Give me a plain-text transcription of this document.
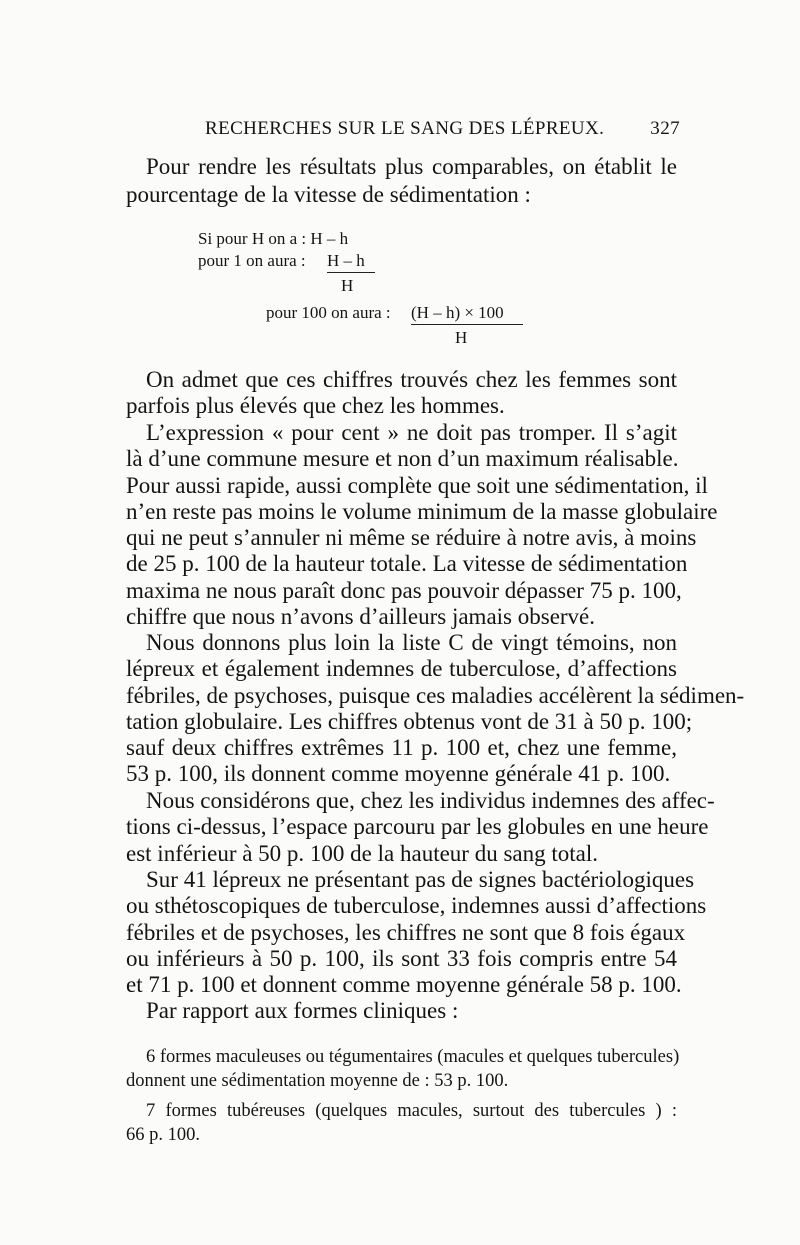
RECHERCHES SUR LE SANG DES LÉPREUX. 327
Pour rendre les résultats plus comparables, on établit le
pourcentage de la vitesse de sédimentation :
Si pour H on a : H – h
pour 1 on aura : H – h
H
pour 100 on aura : (H – h) × 100
H
On admet que ces chiffres trouvés chez les femmes sont
parfois plus élevés que chez les hommes.
L’expression « pour cent » ne doit pas tromper. Il s’agit
là d’une commune mesure et non d’un maximum réalisable.
Pour aussi rapide, aussi complète que soit une sédimentation, il
n’en reste pas moins le volume minimum de la masse globulaire
qui ne peut s’annuler ni même se réduire à notre avis, à moins
de 25 p. 100 de la hauteur totale. La vitesse de sédimentation
maxima ne nous paraît donc pas pouvoir dépasser 75 p. 100,
chiffre que nous n’avons d’ailleurs jamais observé.
Nous donnons plus loin la liste C de vingt témoins, non
lépreux et également indemnes de tuberculose, d’affections
fébriles, de psychoses, puisque ces maladies accélèrent la sédimen-
tation globulaire. Les chiffres obtenus vont de 31 à 50 p. 100;
sauf deux chiffres extrêmes 11 p. 100 et, chez une femme,
53 p. 100, ils donnent comme moyenne générale 41 p. 100.
Nous considérons que, chez les individus indemnes des affec-
tions ci-dessus, l’espace parcouru par les globules en une heure
est inférieur à 50 p. 100 de la hauteur du sang total.
Sur 41 lépreux ne présentant pas de signes bactériologiques
ou sthétoscopiques de tuberculose, indemnes aussi d’affections
fébriles et de psychoses, les chiffres ne sont que 8 fois égaux
ou inférieurs à 50 p. 100, ils sont 33 fois compris entre 54
et 71 p. 100 et donnent comme moyenne générale 58 p. 100.
Par rapport aux formes cliniques :
6 formes maculeuses ou tégumentaires (macules et quelques tubercules)
donnent une sédimentation moyenne de : 53 p. 100.
7 formes tubéreuses (quelques macules, surtout des tubercules ) :
66 p. 100.
